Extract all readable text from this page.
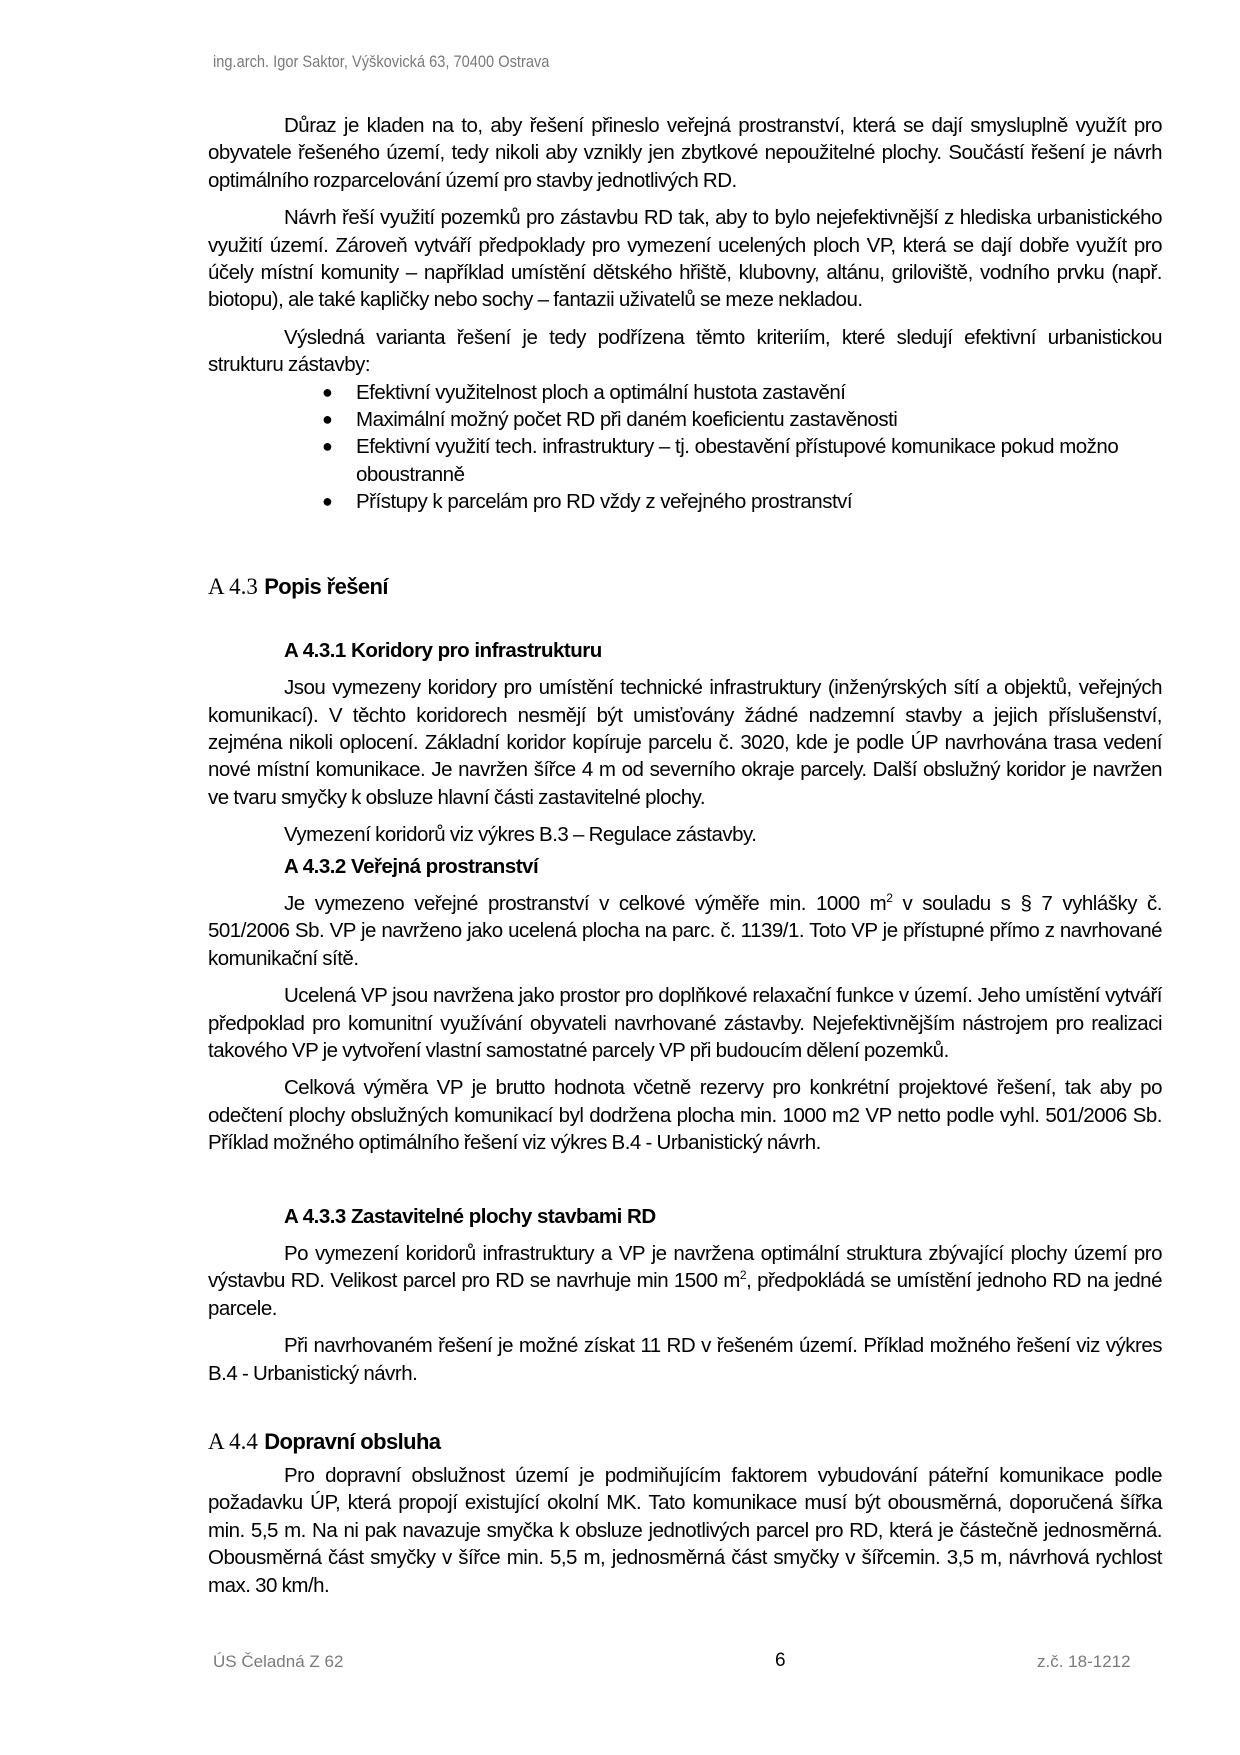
ing.arch. Igor Saktor, Výškovická 63, 70400 Ostrava

Důraz je kladen na to, aby řešení přineslo veřejná prostranství, která se dají smysluplně využít pro obyvatele řešeného území, tedy nikoli aby vznikly jen zbytkové nepoužitelné plochy. Součástí řešení je návrh optimálního rozparcelování území pro stavby jednotlivých RD.

Návrh řeší využití pozemků pro zástavbu RD tak, aby to bylo nejefektivnější z hlediska urbanistického využití území. Zároveň vytváří předpoklady pro vymezení ucelených ploch VP, která se dají dobře využít pro účely místní komunity – například umístění dětského hřiště, klubovny, altánu, griloviště, vodního prvku (např. biotopu), ale také kapličky nebo sochy – fantazii uživatelů se meze nekladou.

Výsledná varianta řešení je tedy podřízena těmto kriteriím, které sledují efektivní urbanistickou strukturu zástavby:

● Efektivní využitelnost ploch a optimální hustota zastavění
● Maximální možný počet RD při daném koeficientu zastavěnosti
● Efektivní využití tech. infrastruktury – tj. obestavění přístupové komunikace pokud možno oboustranně
● Přístupy k parcelám pro RD vždy z veřejného prostranství
A 4.3 Popis řešení
A 4.3.1 Koridory pro infrastrukturu

Jsou vymezeny koridory pro umístění technické infrastruktury (inženýrských sítí a objektů, veřejných komunikací). V těchto koridorech nesmějí být umisťovány žádné nadzemní stavby a jejich příslušenství, zejména nikoli oplocení. Základní koridor kopíruje parcelu č. 3020, kde je podle ÚP navrhována trasa vedení nové místní komunikace. Je navržen šířce 4 m od severního okraje parcely. Další obslužný koridor je navržen ve tvaru smyčky k obsluze hlavní části zastavitelné plochy.

Vymezení koridorů viz výkres B.3 – Regulace zástavby.

A 4.3.2 Veřejná prostranství

Je vymezeno veřejné prostranství v celkové výměře min. 1000 $m^2$ v souladu s § 7 vyhlášky č. 501/2006 Sb. VP je navrženo jako ucelená plocha na parc. č. 1139/1. Toto VP je přístupné přímo z navrhované komunikační sítě.

Ucelená VP jsou navržena jako prostor pro doplňkové relaxační funkce v území. Jeho umístění vytváří předpoklad pro komunitní využívání obyvateli navrhované zástavby. Nejefektivnějším nástrojem pro realizaci takového VP je vytvoření vlastní samostatné parcely VP při budoucím dělení pozemků.

Celková výměra VP je brutto hodnota včetně rezervy pro konkrétní projektové řešení, tak aby po odečtení plochy obslužných komunikací byl dodržena plocha min. 1000 m2 VP netto podle vyhl. 501/2006 Sb. Příklad možného optimálního řešení viz výkres B.4 - Urbanistický návrh.

A 4.3.3 Zastavitelné plochy stavbami RD

Po vymezení koridorů infrastruktury a VP je navržena optimální struktura zbývající plochy území pro výstavbu RD. Velikost parcel pro RD se navrhuje min 1500 $m^2$, předpokládá se umístění jednoho RD na jedné parcele.

Při navrhovaném řešení je možné získat 11 RD v řešeném území. Příklad možného řešení viz výkres B.4 - Urbanistický návrh.

A 4.4 Dopravní obsluha

Pro dopravní obslužnost území je podmiňujícím faktorem vybudování páteřní komunikace podle požadavku ÚP, která propojí existující okolní MK. Tato komunikace musí být obousměrná, doporučená šířka min. 5,5 m. Na ni pak navazuje smyčka k obsluze jednotlivých parcel pro RD, která je částečně jednosměrná. Obousměrná část smyčky v šířce min. 5,5 m, jednosměrná část smyčky v šířcemin. 3,5 m, návrhová rychlost max. 30 km/h.

ÚS Čeladná Z 62	6	z.č. 18-1212
